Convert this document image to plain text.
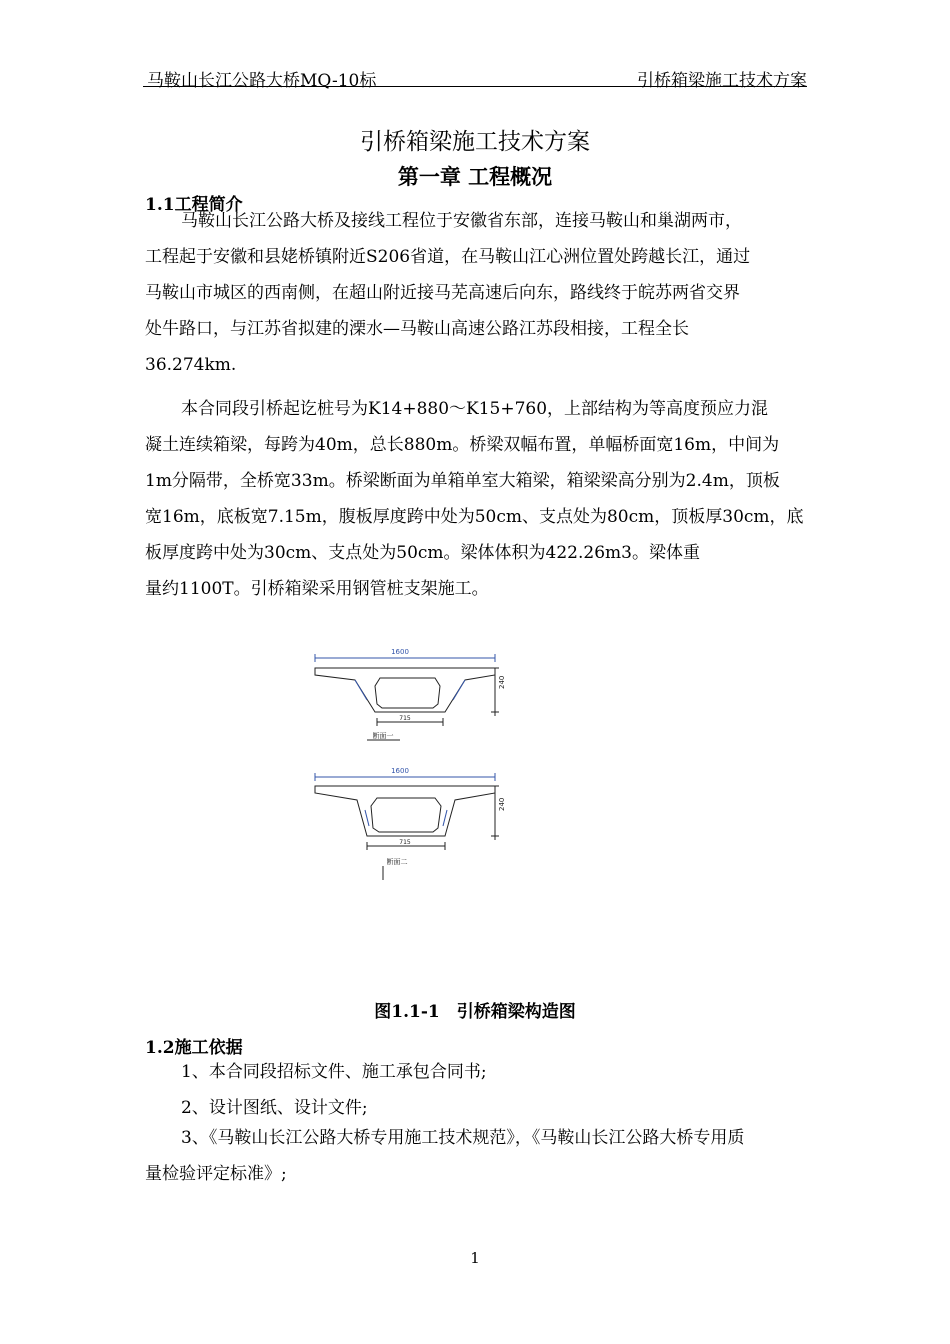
马鞍山长江公路大桥MQ-10标	引桥箱梁施工技术方案
引桥箱梁施工技术方案
第一章 工程概况
1.1工程简介

马鞍山长江公路大桥及接线工程位于安徽省东部，连接马鞍山和巢湖两市，
工程起于安徽和县姥桥镇附近S206省道，在马鞍山江心洲位置处跨越长江，通过
马鞍山市城区的西南侧，在超山附近接马芜高速后向东，路线终于皖苏两省交界
处牛路口，与江苏省拟建的溧水—马鞍山高速公路江苏段相接，工程全长
36.274km.

本合同段引桥起讫桩号为K14+880～K15+760，上部结构为等高度预应力混
凝土连续箱梁，每跨为40m，总长880m。桥梁双幅布置，单幅桥面宽16m，中间为
1m分隔带，全桥宽33m。桥梁断面为单箱单室大箱梁，箱梁梁高分别为2.4m，顶板
宽16m，底板宽7.15m，腹板厚度跨中处为50cm、支点处为80cm，顶板厚30cm，底
板厚度跨中处为30cm、支点处为50cm。梁体体积为422.26m3。梁体重
量约1100T。引桥箱梁采用钢管桩支架施工。

1600
240
715
断面一
1600
240
715
断面二
图1.1-1　引桥箱梁构造图
1.2施工依据
1、本合同段招标文件、施工承包合同书;
2、设计图纸、设计文件;

3、《马鞍山长江公路大桥专用施工技术规范》，《马鞍山长江公路大桥专用质
量检验评定标准》;

1
